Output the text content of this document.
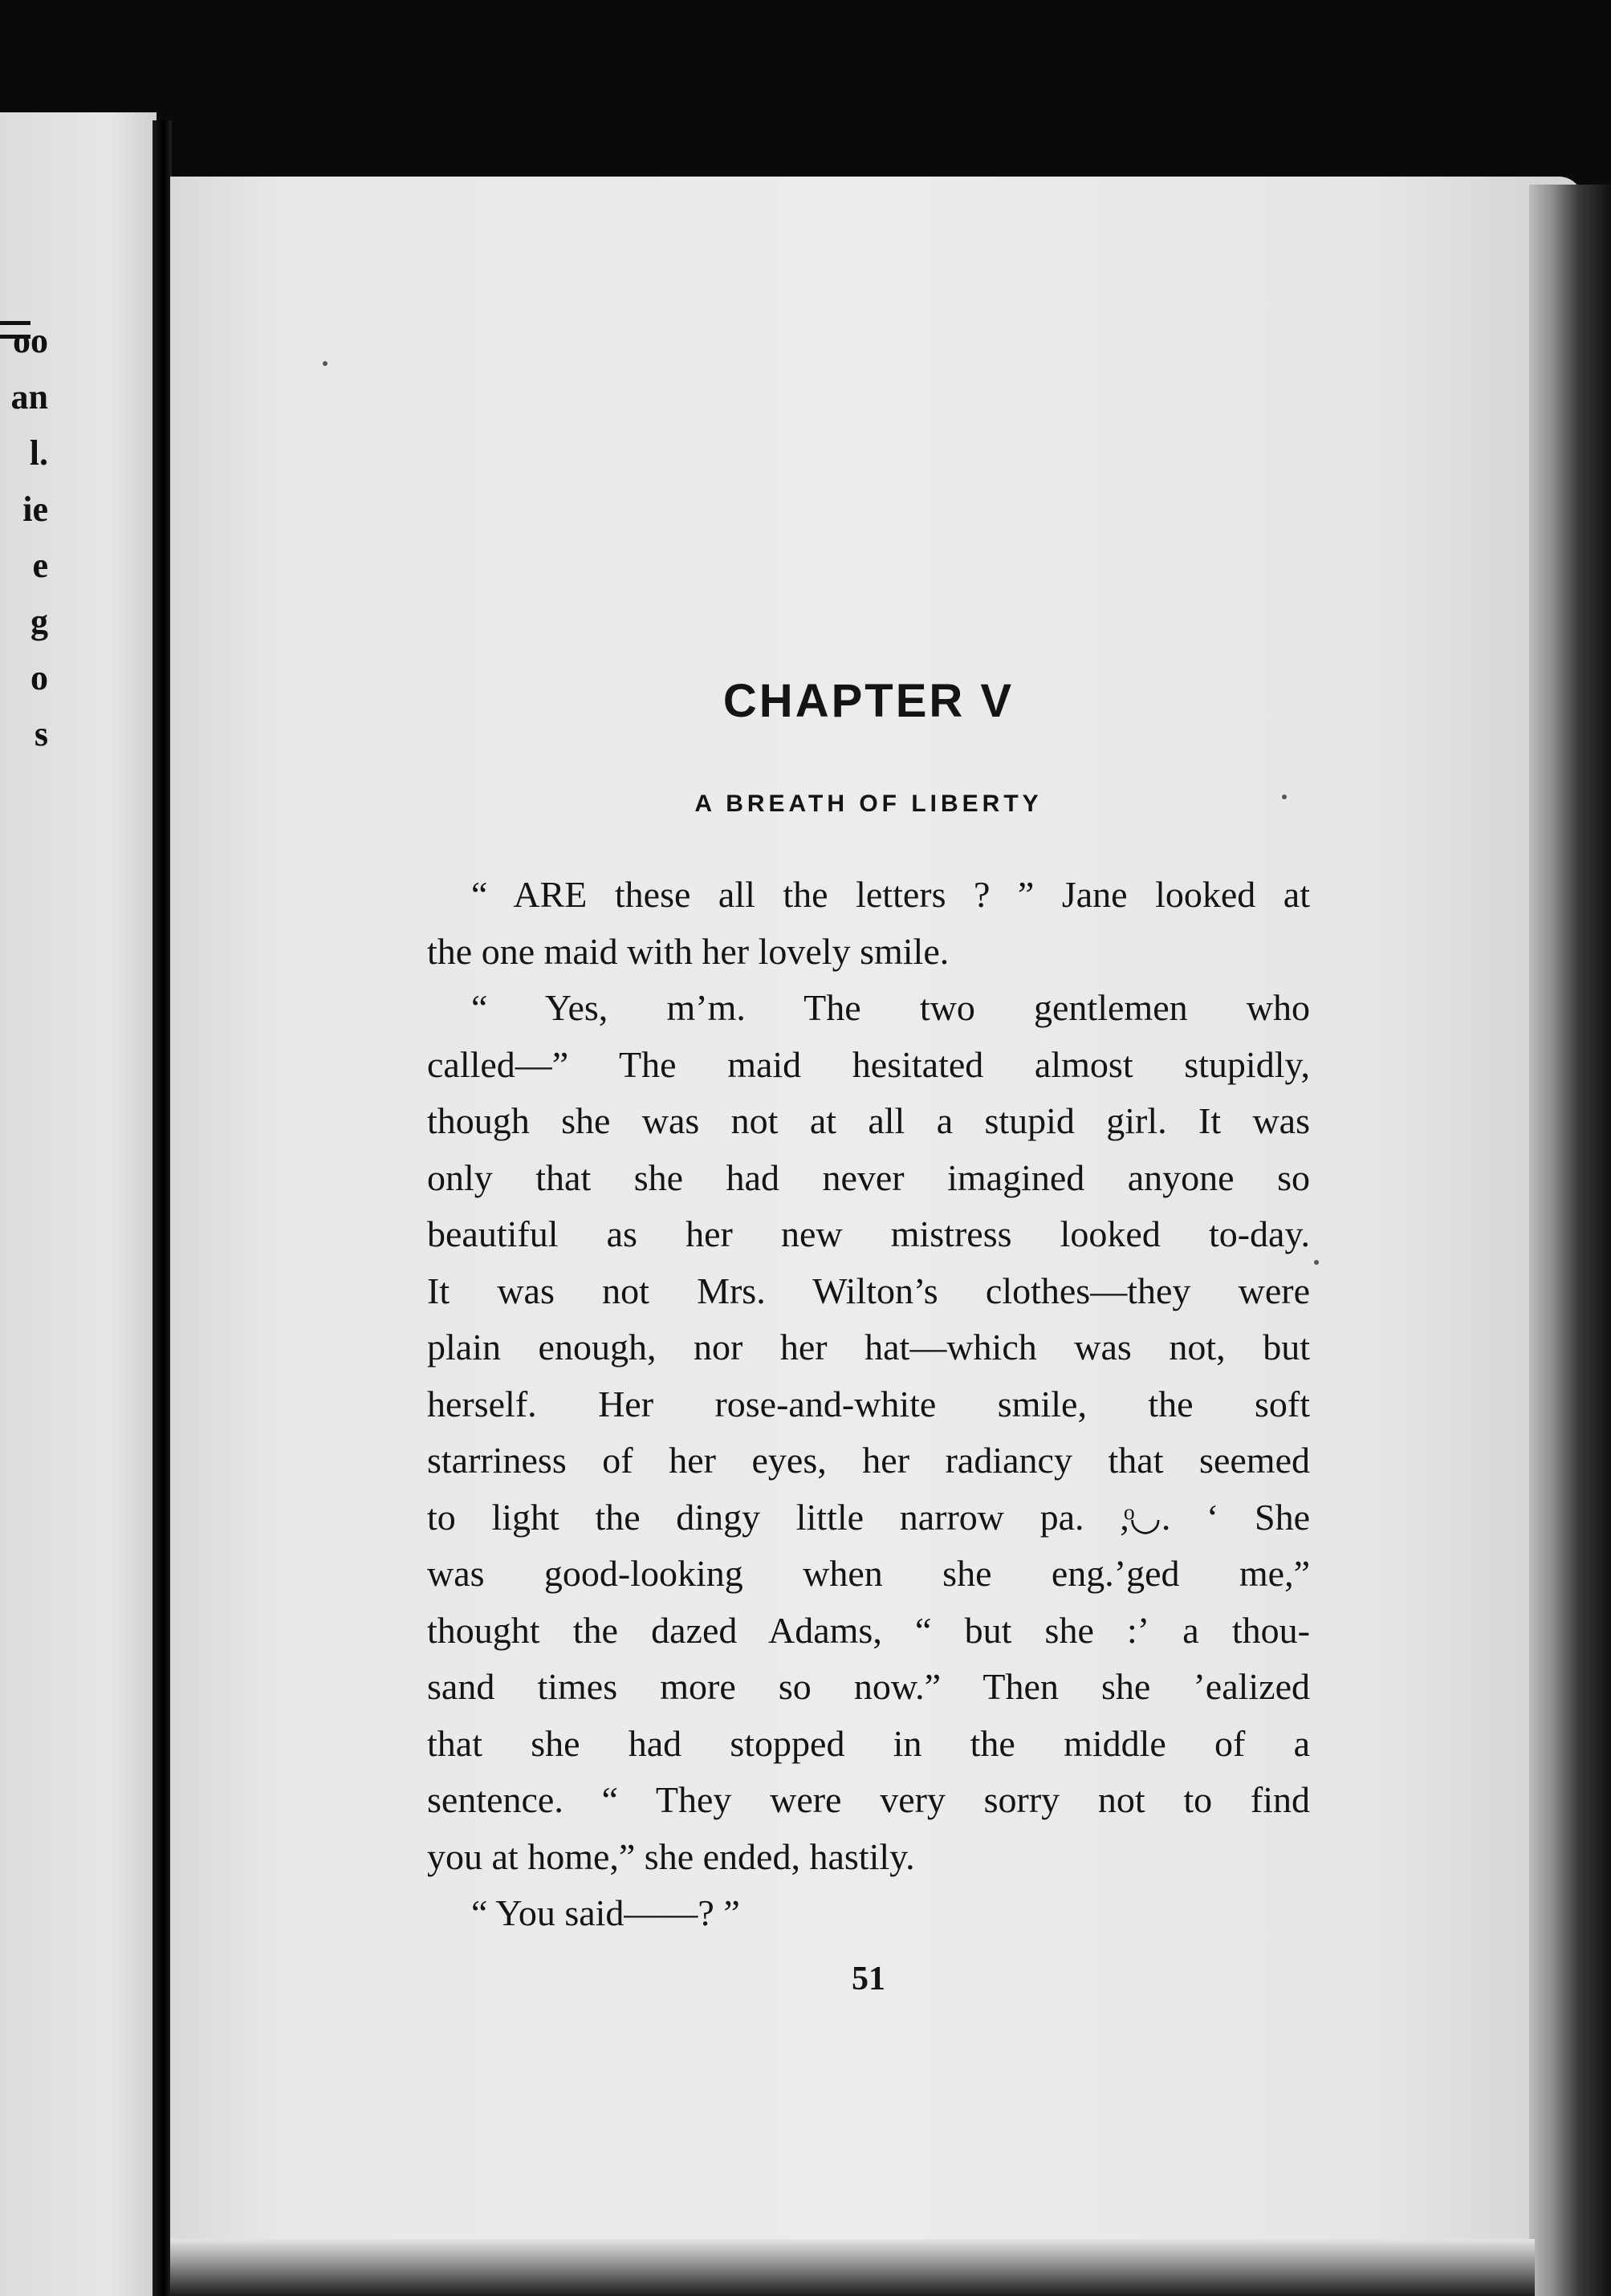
oo
an
l.
ie
e
g
o
s
CHAPTER V
A BREATH OF LIBERTY
“ ARE these all the letters ? ” Jane looked at
the one maid with her lovely smile.
“ Yes, m’m. The two gentlemen who
called—” The maid hesitated almost stupidly,
though she was not at all a stupid girl. It was
only that she had never imagined anyone so
beautiful as her new mistress looked to-day.
It was not Mrs. Wilton’s clothes—they were
plain enough, nor her hat—which was not, but
herself. Her rose-and-white smile, the soft
starriness of her eyes, her radiancy that seemed
to light the dingy little narrow pa. ,ͦ◡. ‘ She
was good-looking when she eng.ʼged me,”
thought the dazed Adams, “ but she :ʼ a thou-
sand times more so now.” Then she ʼealized
that she had stopped in the middle of a
sentence. “ They were very sorry not to find
you at home,” she ended, hastily.
“ You said——? ”
51
